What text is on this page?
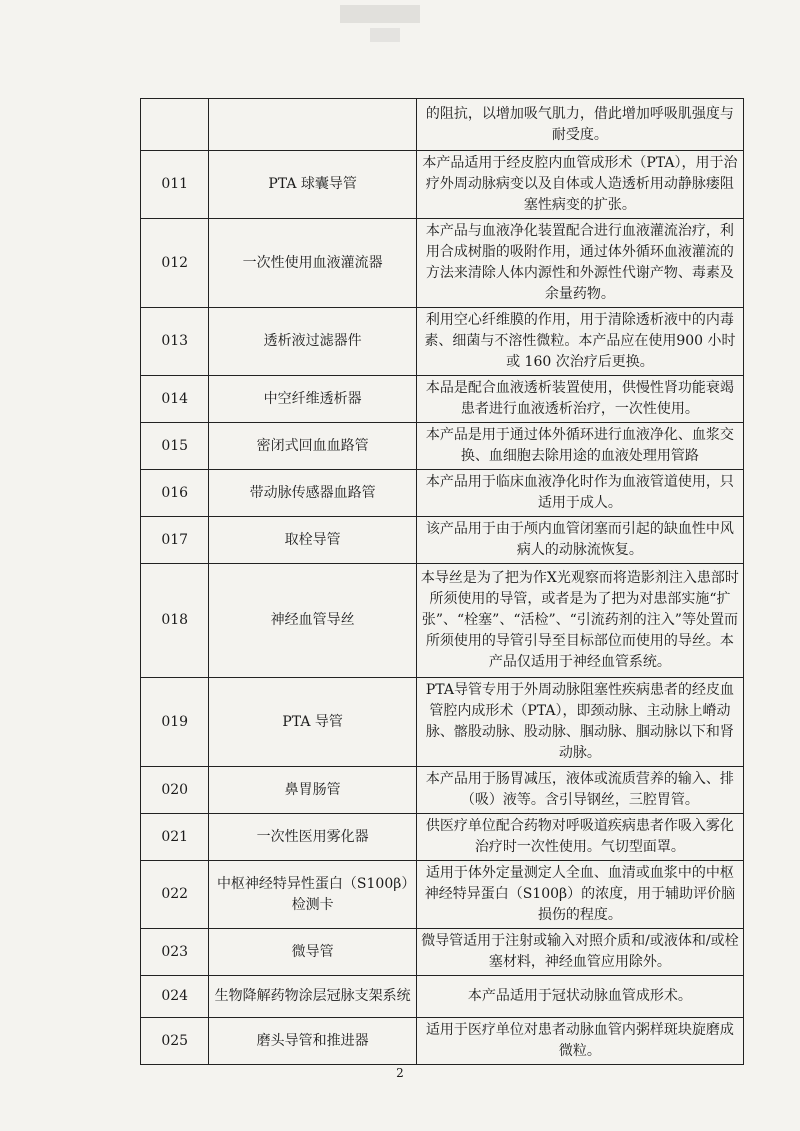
		的阻抗，以增加吸气肌力，借此增加呼吸肌强度与耐受度。
011	PTA 球囊导管	本产品适用于经皮腔内血管成形术（PTA），用于治疗外周动脉病变以及自体或人造透析用动静脉瘘阻塞性病变的扩张。
012	一次性使用血液灌流器	本产品与血液净化装置配合进行血液灌流治疗，利用合成树脂的吸附作用，通过体外循环血液灌流的方法来清除人体内源性和外源性代谢产物、毒素及余量药物。
013	透析液过滤器件	利用空心纤维膜的作用，用于清除透析液中的内毒素、细菌与不溶性微粒。本产品应在使用900 小时或 160 次治疗后更换。
014	中空纤维透析器	本品是配合血液透析装置使用，供慢性肾功能衰竭患者进行血液透析治疗，一次性使用。
015	密闭式回血血路管	本产品是用于通过体外循环进行血液净化、血浆交换、血细胞去除用途的血液处理用管路
016	带动脉传感器血路管	本产品用于临床血液净化时作为血液管道使用，只适用于成人。
017	取栓导管	该产品用于由于颅内血管闭塞而引起的缺血性中风病人的动脉流恢复。
018	神经血管导丝	本导丝是为了把为作X光观察而将造影剂注入患部时所须使用的导管，或者是为了把为对患部实施“扩张”、“栓塞”、“活检”、“引流药剂的注入”等处置而所须使用的导管引导至目标部位而使用的导丝。本产品仅适用于神经血管系统。
019	PTA 导管	PTA导管专用于外周动脉阻塞性疾病患者的经皮血管腔内成形术（PTA），即颈动脉、主动脉上嵴动脉、髂股动脉、股动脉、腘动脉、腘动脉以下和肾动脉。
020	鼻胃肠管	本产品用于肠胃减压，液体或流质营养的输入、排（吸）液等。含引导钢丝，三腔胃管。
021	一次性医用雾化器	供医疗单位配合药物对呼吸道疾病患者作吸入雾化治疗时一次性使用。气切型面罩。
022	中枢神经特异性蛋白（S100β）检测卡	适用于体外定量测定人全血、血清或血浆中的中枢神经特异蛋白（S100β）的浓度，用于辅助评价脑损伤的程度。
023	微导管	微导管适用于注射或输入对照介质和/或液体和/或栓塞材料，神经血管应用除外。
024	生物降解药物涂层冠脉支架系统	本产品适用于冠状动脉血管成形术。
025	磨头导管和推进器	适用于医疗单位对患者动脉血管内粥样斑块旋磨成微粒。
2
